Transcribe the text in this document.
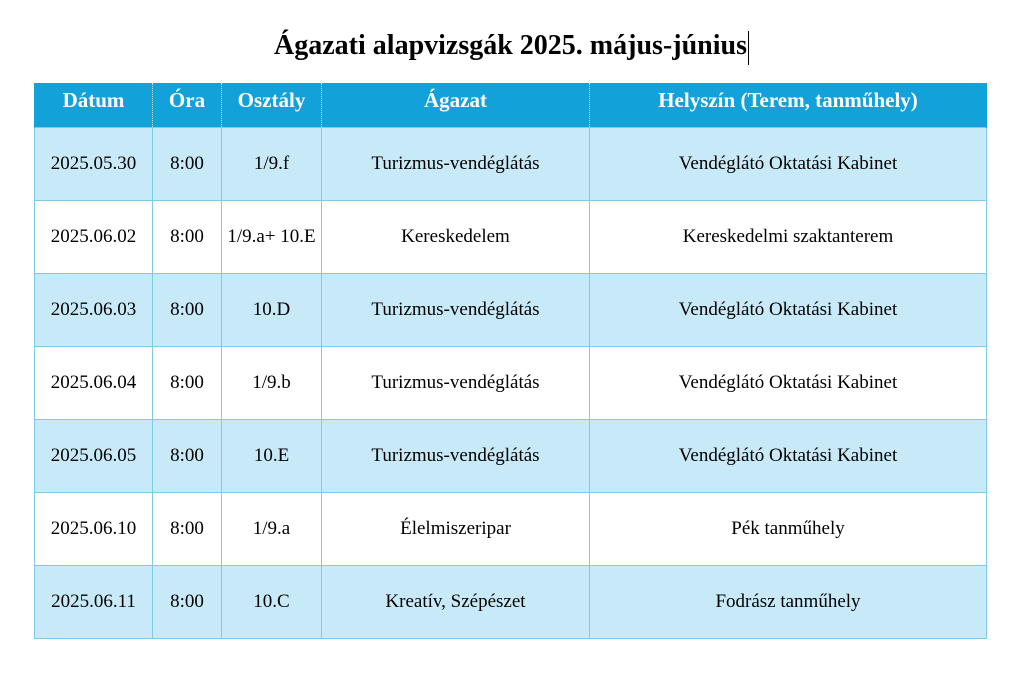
Ágazati alapvizsgák 2025. május-június
Dátum	Óra	Osztály	Ágazat	Helyszín (Terem, tanműhely)
2025.05.30	8:00	1/9.f	Turizmus-vendéglátás	Vendéglátó Oktatási Kabinet
2025.06.02	8:00	1/9.a+ 10.E	Kereskedelem	Kereskedelmi szaktanterem
2025.06.03	8:00	10.D	Turizmus-vendéglátás	Vendéglátó Oktatási Kabinet
2025.06.04	8:00	1/9.b	Turizmus-vendéglátás	Vendéglátó Oktatási Kabinet
2025.06.05	8:00	10.E	Turizmus-vendéglátás	Vendéglátó Oktatási Kabinet
2025.06.10	8:00	1/9.a	Élelmiszeripar	Pék tanműhely
2025.06.11	8:00	10.C	Kreatív, Szépészet	Fodrász tanműhely
